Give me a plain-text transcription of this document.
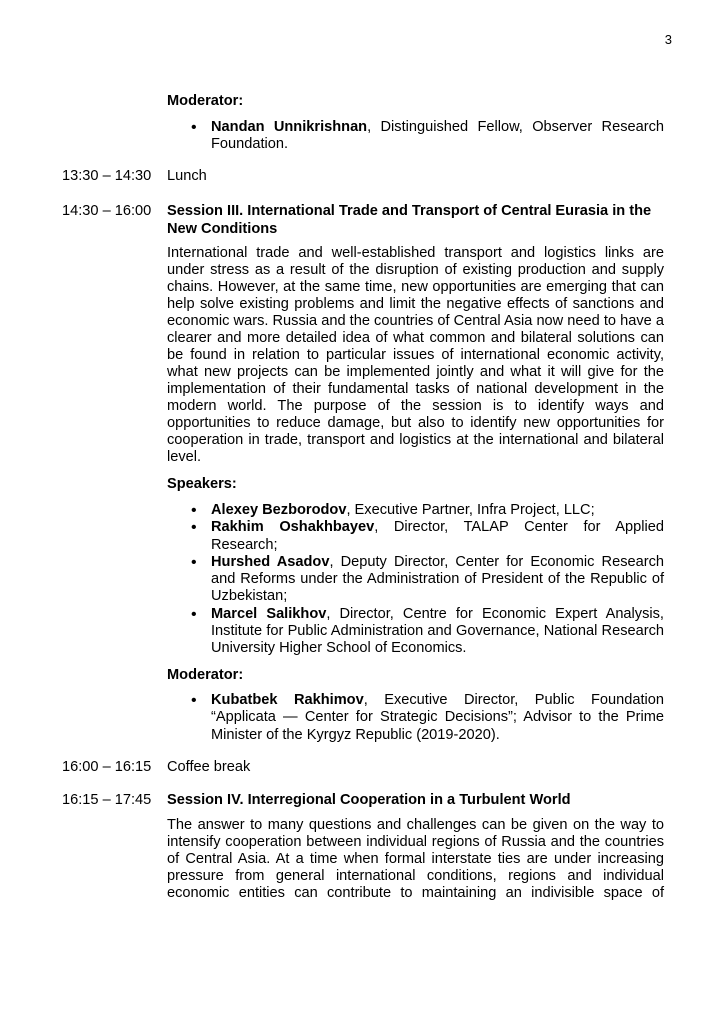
3
Moderator:
• Nandan Unnikrishnan, Distinguished Fellow, Observer Research Foundation.
13:30 – 14:30	Lunch
14:30 – 16:00	Session III. International Trade and Transport of Central Eurasia in the New Conditions
International trade and well-established transport and logistics links are under stress as a result of the disruption of existing production and supply chains. However, at the same time, new opportunities are emerging that can help solve existing problems and limit the negative effects of sanctions and economic wars. Russia and the countries of Central Asia now need to have a clearer and more detailed idea of what common and bilateral solutions can be found in relation to particular issues of international economic activity, what new projects can be implemented jointly and what it will give for the implementation of their fundamental tasks of national development in the modern world. The purpose of the session is to identify ways and opportunities to reduce damage, but also to identify new opportunities for cooperation in trade, transport and logistics at the international and bilateral level.
Speakers:
• Alexey Bezborodov, Executive Partner, Infra Project, LLC;
• Rakhim Oshakhbayev, Director, TALAP Center for Applied Research;
• Hurshed Asadov, Deputy Director, Center for Economic Research and Reforms under the Administration of President of the Republic of Uzbekistan;
• Marcel Salikhov, Director, Centre for Economic Expert Analysis, Institute for Public Administration and Governance, National Research University Higher School of Economics.
Moderator:
• Kubatbek Rakhimov, Executive Director, Public Foundation “Applicata — Center for Strategic Decisions”; Advisor to the Prime Minister of the Kyrgyz Republic (2019-2020).
16:00 – 16:15	Coffee break
16:15 – 17:45	Session IV. Interregional Cooperation in a Turbulent World
The answer to many questions and challenges can be given on the way to intensify cooperation between individual regions of Russia and the countries of Central Asia. At a time when formal interstate ties are under increasing pressure from general international conditions, regions and individual economic entities can contribute to maintaining an indivisible space of
